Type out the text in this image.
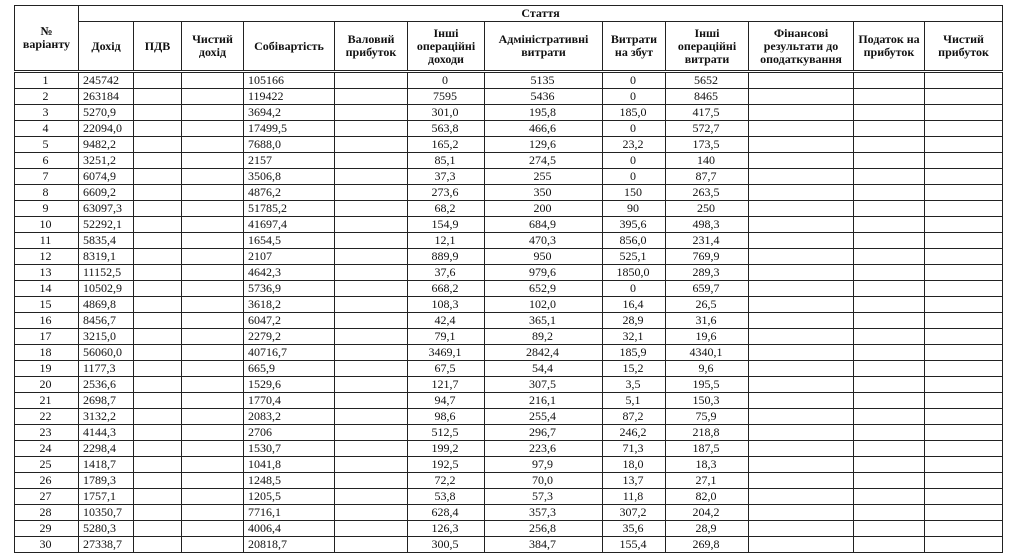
№ варіанту	Стаття											
	Дохід	ПДВ	Чистий дохід	Собівартість	Валовий прибуток	Інші операційні доходи	Адміністративні витрати	Витрати на збут	Інші операційні витрати	Фінансові результати до оподаткування	Податок на прибуток	Чистий прибуток
1	245742			105166		0	5135	0	5652			
2	263184			119422		7595	5436	0	8465			
3	5270,9			3694,2		301,0	195,8	185,0	417,5			
4	22094,0			17499,5		563,8	466,6	0	572,7			
5	9482,2			7688,0		165,2	129,6	23,2	173,5			
6	3251,2			2157		85,1	274,5	0	140			
7	6074,9			3506,8		37,3	255	0	87,7			
8	6609,2			4876,2		273,6	350	150	263,5			
9	63097,3			51785,2		68,2	200	90	250			
10	52292,1			41697,4		154,9	684,9	395,6	498,3			
11	5835,4			1654,5		12,1	470,3	856,0	231,4			
12	8319,1			2107		889,9	950	525,1	769,9			
13	11152,5			4642,3		37,6	979,6	1850,0	289,3			
14	10502,9			5736,9		668,2	652,9	0	659,7			
15	4869,8			3618,2		108,3	102,0	16,4	26,5			
16	8456,7			6047,2		42,4	365,1	28,9	31,6			
17	3215,0			2279,2		79,1	89,2	32,1	19,6			
18	56060,0			40716,7		3469,1	2842,4	185,9	4340,1			
19	1177,3			665,9		67,5	54,4	15,2	9,6			
20	2536,6			1529,6		121,7	307,5	3,5	195,5			
21	2698,7			1770,4		94,7	216,1	5,1	150,3			
22	3132,2			2083,2		98,6	255,4	87,2	75,9			
23	4144,3			2706		512,5	296,7	246,2	218,8			
24	2298,4			1530,7		199,2	223,6	71,3	187,5			
25	1418,7			1041,8		192,5	97,9	18,0	18,3			
26	1789,3			1248,5		72,2	70,0	13,7	27,1			
27	1757,1			1205,5		53,8	57,3	11,8	82,0			
28	10350,7			7716,1		628,4	357,3	307,2	204,2			
29	5280,3			4006,4		126,3	256,8	35,6	28,9			
30	27338,7			20818,7		300,5	384,7	155,4	269,8			
